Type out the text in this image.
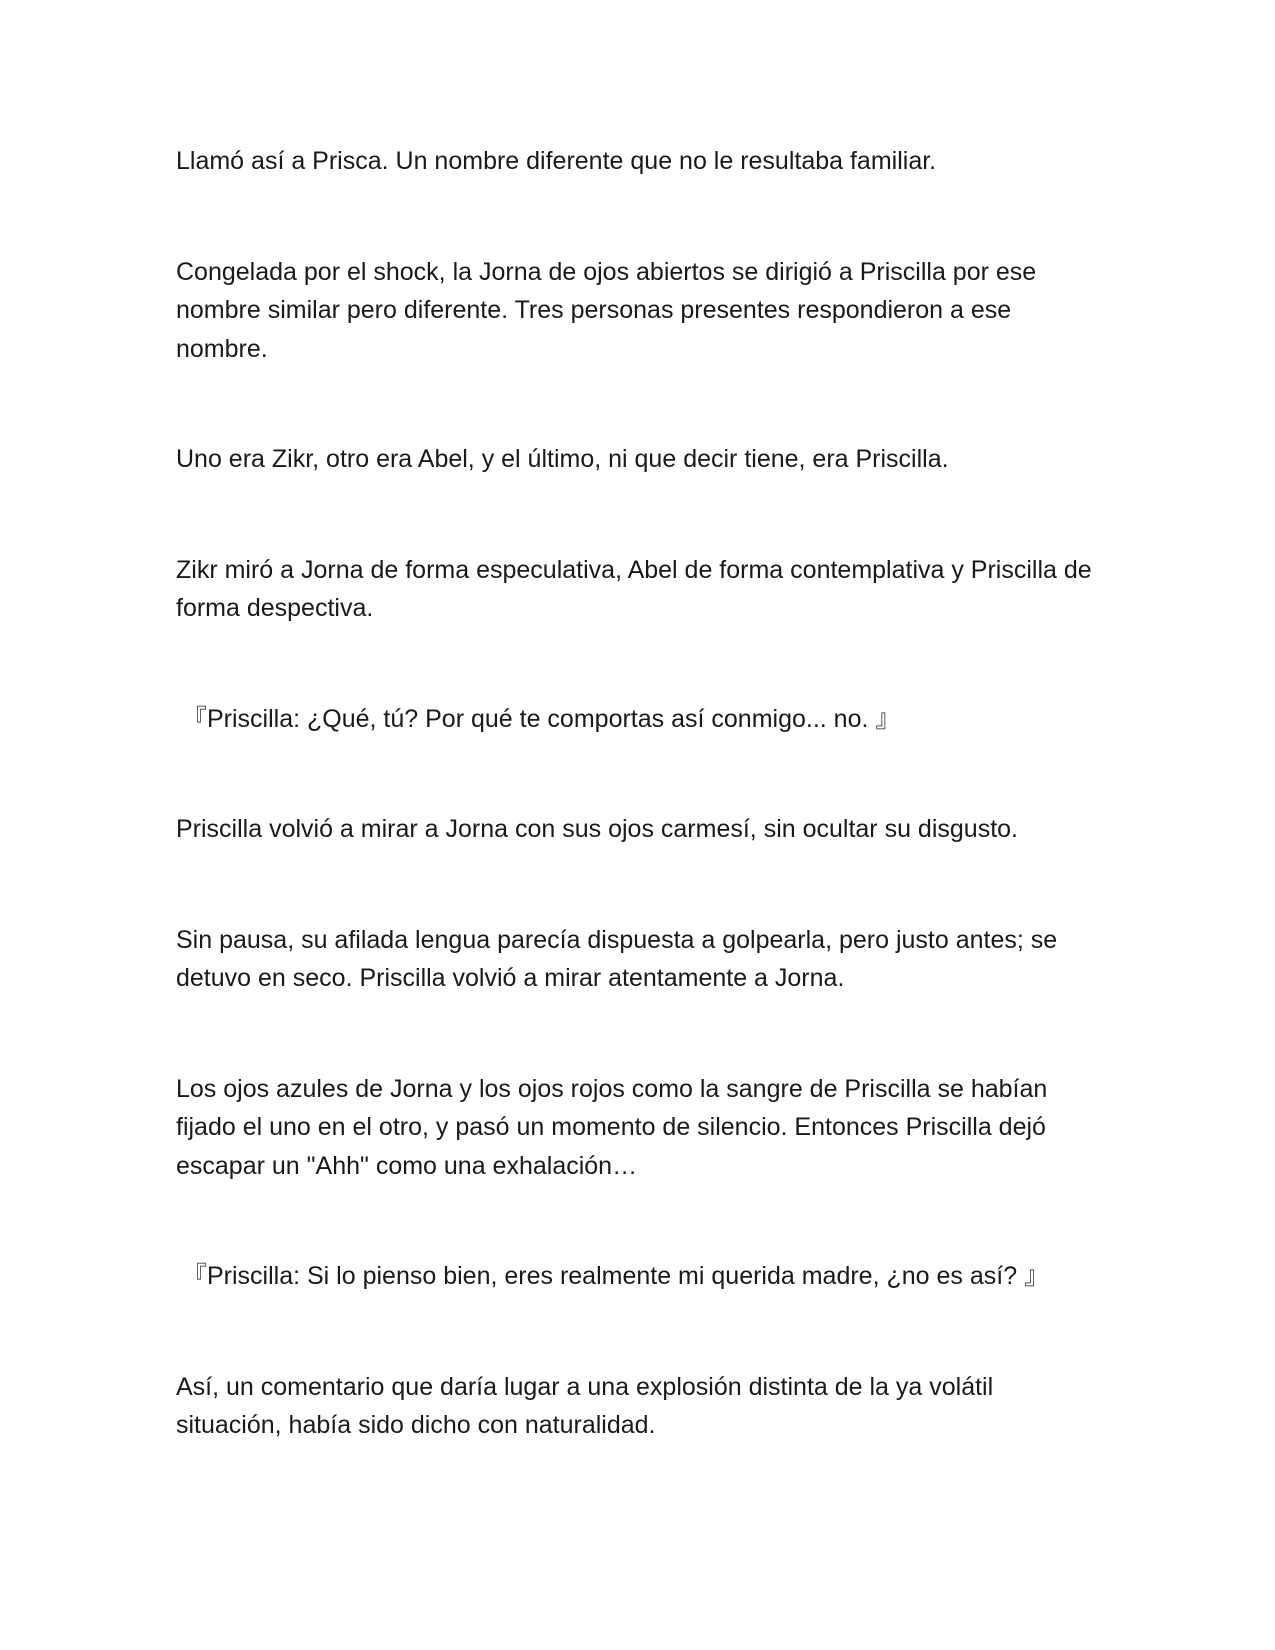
Llamó así a Prisca. Un nombre diferente que no le resultaba familiar.

Congelada por el shock, la Jorna de ojos abiertos se dirigió a Priscilla por ese nombre similar pero diferente. Tres personas presentes respondieron a ese nombre.

Uno era Zikr, otro era Abel, y el último, ni que decir tiene, era Priscilla.

Zikr miró a Jorna de forma especulativa, Abel de forma contemplativa y Priscilla de forma despectiva.

『Priscilla: ¿Qué, tú? Por qué te comportas así conmigo... no. 』

Priscilla volvió a mirar a Jorna con sus ojos carmesí, sin ocultar su disgusto.

Sin pausa, su afilada lengua parecía dispuesta a golpearla, pero justo antes; se detuvo en seco. Priscilla volvió a mirar atentamente a Jorna.

Los ojos azules de Jorna y los ojos rojos como la sangre de Priscilla se habían fijado el uno en el otro, y pasó un momento de silencio. Entonces Priscilla dejó escapar un "Ahh" como una exhalación…

『Priscilla: Si lo pienso bien, eres realmente mi querida madre, ¿no es así? 』

Así, un comentario que daría lugar a una explosión distinta de la ya volátil situación, había sido dicho con naturalidad.
